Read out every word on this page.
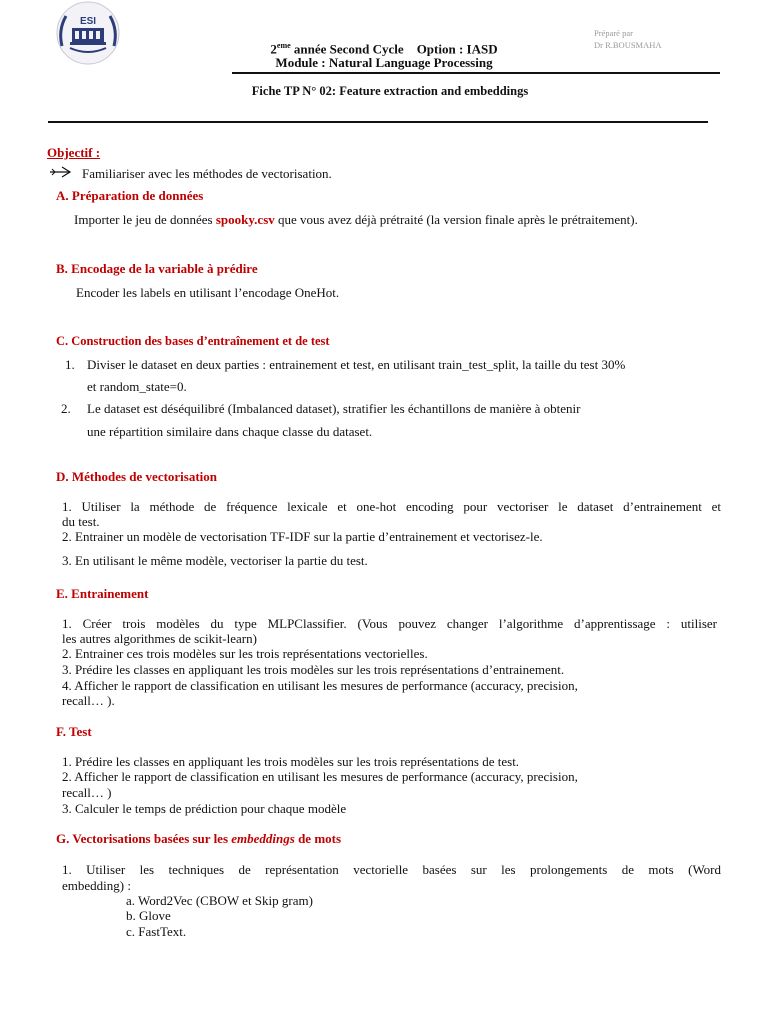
ESI
Préparé par
Dr R.BOUSMAHA
2eme année Second Cycle Option : IASD
Module : Natural Language Processing
Fiche TP N° 02: Feature extraction and embeddings
Objectif :
Familiariser avec les méthodes de vectorisation.
A. Préparation de données
Importer le jeu de données spooky.csv que vous avez déjà prétraité (la version finale après le prétraitement).
B. Encodage de la variable à prédire
Encoder les labels en utilisant l’encodage OneHot.
C. Construction des bases d’entraînement et de test
1. Diviser le dataset en deux parties : entrainement et test, en utilisant train_test_split, la taille du test 30%
et random_state=0.
2. Le dataset est déséquilibré (Imbalanced dataset), stratifier les échantillons de manière à obtenir
une répartition similaire dans chaque classe du dataset.
D. Méthodes de vectorisation
1. Utiliser la méthode de fréquence lexicale et one-hot encoding pour vectoriser le dataset d’entrainement et
du test.
2. Entrainer un modèle de vectorisation TF-IDF sur la partie d’entrainement et vectorisez-le.
3. En utilisant le même modèle, vectoriser la partie du test.
E. Entrainement
1. Créer trois modèles du type MLPClassifier. (Vous pouvez changer l’algorithme d’apprentissage : utiliser
les autres algorithmes de scikit-learn)
2. Entrainer ces trois modèles sur les trois représentations vectorielles.
3. Prédire les classes en appliquant les trois modèles sur les trois représentations d’entrainement.
4. Afficher le rapport de classification en utilisant les mesures de performance (accuracy, precision,
recall… ).
F. Test
1. Prédire les classes en appliquant les trois modèles sur les trois représentations de test.
2. Afficher le rapport de classification en utilisant les mesures de performance (accuracy, precision,
recall… )
3. Calculer le temps de prédiction pour chaque modèle
G. Vectorisations basées sur les embeddings de mots
1. Utiliser les techniques de représentation vectorielle basées sur les prolongements de mots (Word
embedding) :
a. Word2Vec (CBOW et Skip gram)
b. Glove
c. FastText.
